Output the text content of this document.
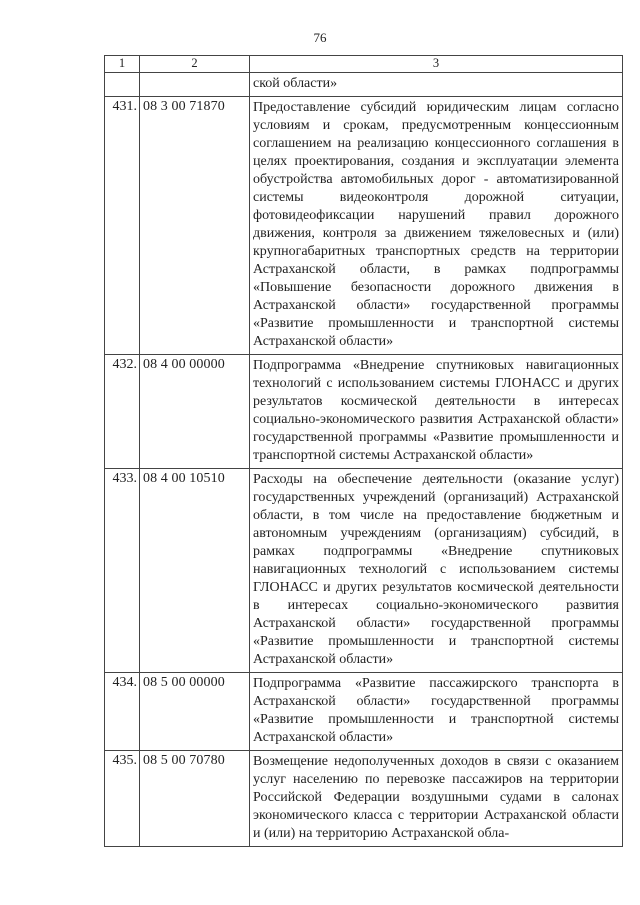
76
1	2	3
		ской области»
431.	08 3 00 71870	Предоставление субсидий юридическим лицам согласно условиям и срокам, предусмотренным концессионным соглашением на реализацию концессионного соглашения в целях проектирования, создания и эксплуатации элемента обустройства автомобильных дорог - автоматизированной системы видеоконтроля дорожной ситуации, фотовидеофиксации нарушений правил дорожного движения, контроля за движением тяжеловесных и (или) крупногабаритных транспортных средств на территории Астраханской области, в рамках подпрограммы «Повышение безопасности дорожного движения в Астраханской области» государственной программы «Развитие промышленности и транспортной системы Астраханской области»
432.	08 4 00 00000	Подпрограмма «Внедрение спутниковых навигационных технологий с использованием системы ГЛОНАСС и других результатов космической деятельности в интересах социально-экономического развития Астраханской области» государственной программы «Развитие промышленности и транспортной системы Астраханской области»
433.	08 4 00 10510	Расходы на обеспечение деятельности (оказание услуг) государственных учреждений (организаций) Астраханской области, в том числе на предоставление бюджетным и автономным учреждениям (организациям) субсидий, в рамках подпрограммы «Внедрение спутниковых навигационных технологий с использованием системы ГЛОНАСС и других результатов космической деятельности в интересах социально-экономического развития Астраханской области» государственной программы «Развитие промышленности и транспортной системы Астраханской области»
434.	08 5 00 00000	Подпрограмма «Развитие пассажирского транспорта в Астраханской области» государственной программы «Развитие промышленности и транспортной системы Астраханской области»
435.	08 5 00 70780	Возмещение недополученных доходов в связи с оказанием услуг населению по перевозке пассажиров на территории Российской Федерации воздушными судами в салонах экономического класса с территории Астраханской области и (или) на территорию Астраханской обла-
